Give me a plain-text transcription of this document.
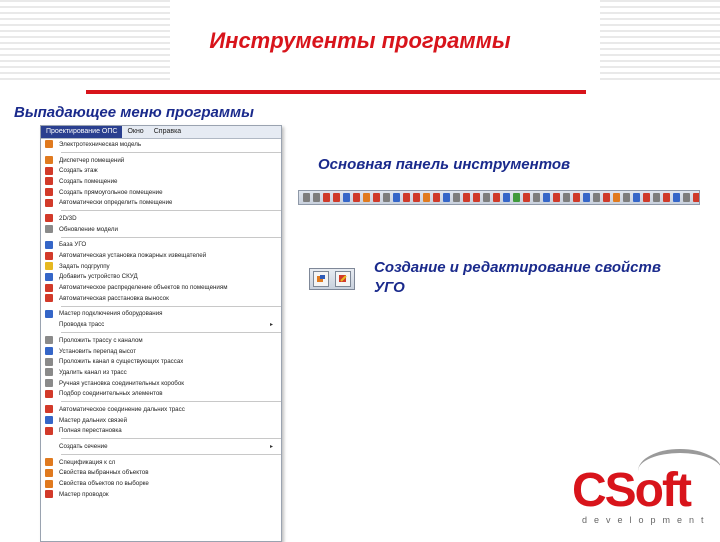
Инструменты программы
Выпадающее меню программы
Проектирование ОПС	Окно	Справка
Электротехническая модель
Диспетчер помещений
Создать этаж
Создать помещение
Создать прямоугольное помещение
Автоматически определить помещение
2D/3D
Обновление модели
База УГО
Автоматическая установка пожарных извещателей
Задать подгруппу
Добавить устройство СКУД
Автоматическое распределение объектов по помещениям
Автоматическая расстановка выносок
Мастер подключения оборудования
Проводка трасс	▸
Проложить трассу с каналом
Установить перепад высот
Проложить канал в существующих трассах
Удалить канал из трасс
Ручная установка соединительных коробок
Подбор соединительных элементов
Автоматическое соединение дальних трасс
Мастер дальних связей
Полная перестановка
Создать сечение	▸
Спецификация к сл
Свойства выбранных объектов
Свойства объектов по выборке
Мастер проводок
Основная панель инструментов
Создание и редактирование свойств УГО
CSoft
development
